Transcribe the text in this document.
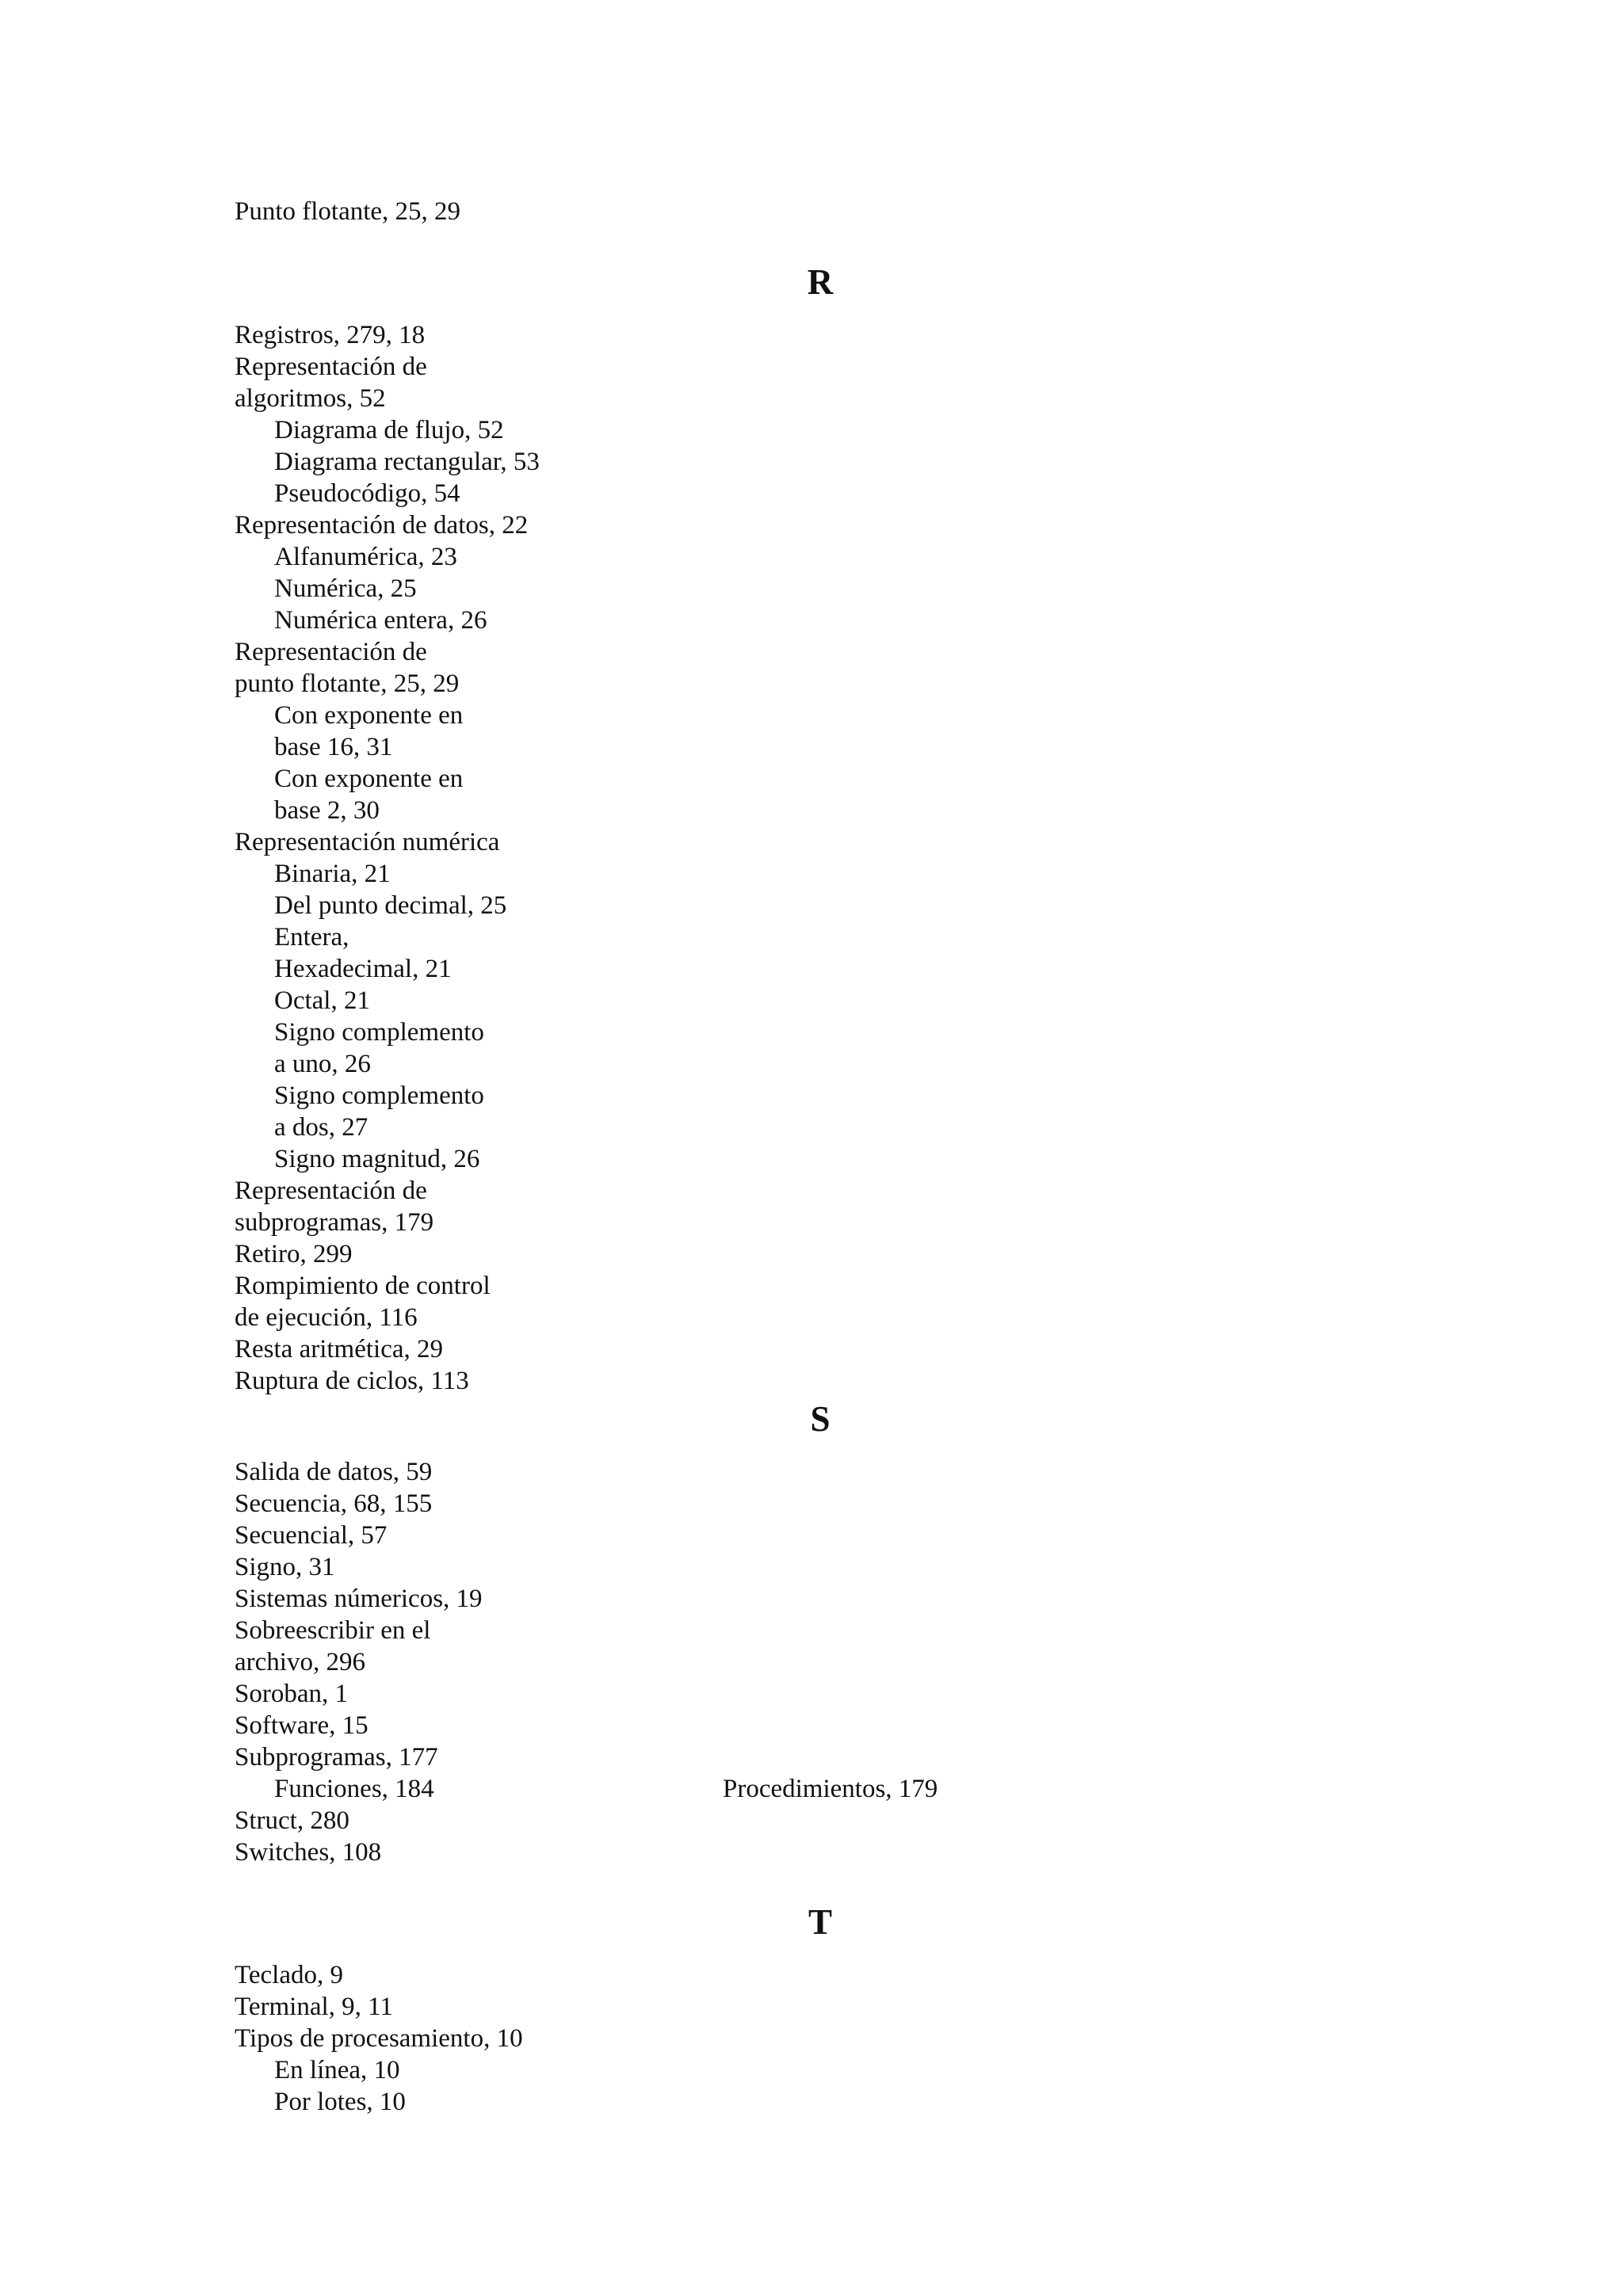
Punto flotante, 25, 29
R
Registros, 279, 18
Representación de
algoritmos, 52
Diagrama de flujo, 52
Diagrama rectangular, 53
Pseudocódigo, 54
Representación de datos, 22
Alfanumérica, 23
Numérica, 25
Numérica entera, 26
Representación de
punto flotante, 25, 29
Con exponente en
base 16, 31
Con exponente en
base 2, 30
Representación numérica
Binaria, 21
Del punto decimal, 25
Entera,
Hexadecimal, 21
Octal, 21
Signo complemento
a uno, 26
Signo complemento
a dos, 27
Signo magnitud, 26
Representación de
subprogramas, 179
Retiro, 299
Rompimiento de control
de ejecución, 116
Resta aritmética, 29
Ruptura de ciclos, 113
S
Salida de datos, 59
Secuencia, 68, 155
Secuencial, 57
Signo, 31
Sistemas númericos, 19
Sobreescribir en el
archivo, 296
Soroban, 1
Software, 15
Subprogramas, 177
Funciones, 184	Procedimientos, 179
Struct, 280
Switches, 108
T
Teclado, 9
Terminal, 9, 11
Tipos de procesamiento, 10
En línea, 10
Por lotes, 10
